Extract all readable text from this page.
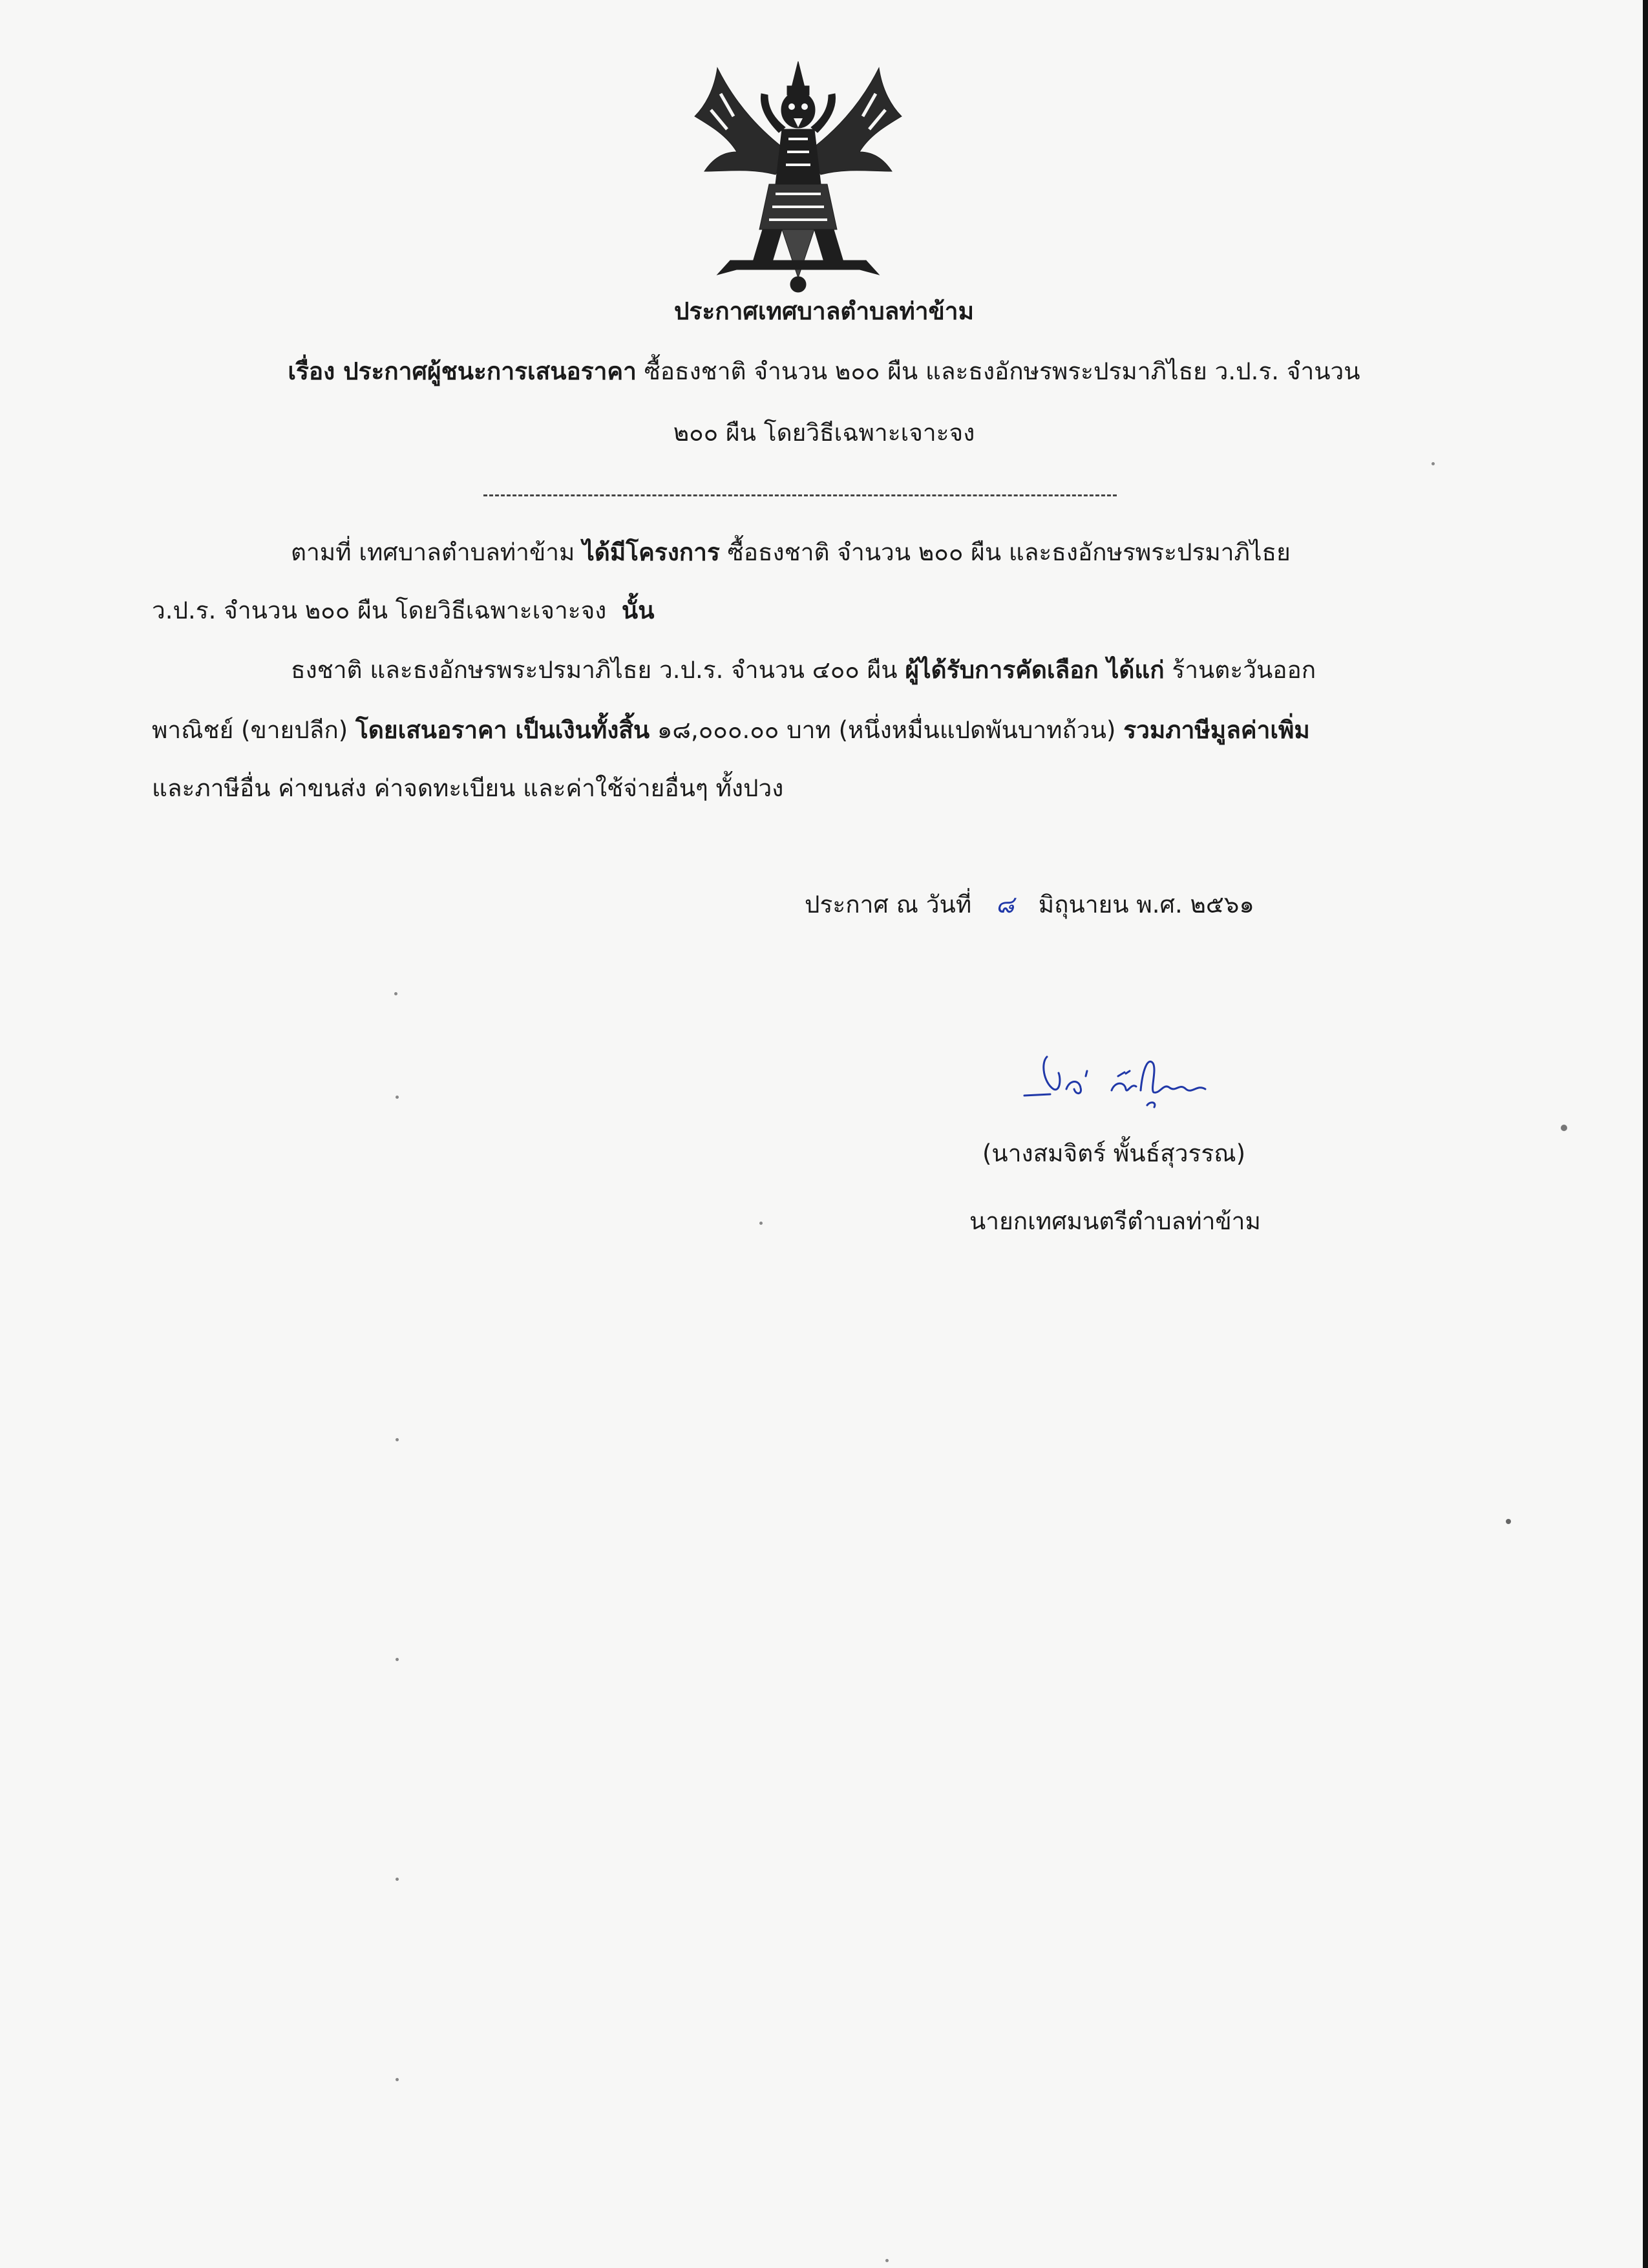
ประกาศเทศบาลตำบลท่าข้าม
เรื่อง ประกาศผู้ชนะการเสนอราคา ซื้อธงชาติ จำนวน ๒๐๐ ผืน และธงอักษรพระปรมาภิไธย ว.ป.ร. จำนวน
๒๐๐ ผืน โดยวิธีเฉพาะเจาะจง
ตามที่ เทศบาลตำบลท่าข้าม ได้มีโครงการ ซื้อธงชาติ จำนวน ๒๐๐ ผืน และธงอักษรพระปรมาภิไธย
ว.ป.ร. จำนวน ๒๐๐ ผืน โดยวิธีเฉพาะเจาะจง นั้น
ธงชาติ และธงอักษรพระปรมาภิไธย ว.ป.ร. จำนวน ๔๐๐ ผืน ผู้ได้รับการคัดเลือก ได้แก่ ร้านตะวันออก
พาณิชย์ (ขายปลีก) โดยเสนอราคา เป็นเงินทั้งสิ้น ๑๘,๐๐๐.๐๐ บาท (หนึ่งหมื่นแปดพันบาทถ้วน) รวมภาษีมูลค่าเพิ่ม
และภาษีอื่น ค่าขนส่ง ค่าจดทะเบียน และค่าใช้จ่ายอื่นๆ ทั้งปวง
ประกาศ ณ วันที่ ๘ มิถุนายน พ.ศ. ๒๕๖๑
(นางสมจิตร์ พั้นธ์สุวรรณ)
นายกเทศมนตรีตำบลท่าข้าม
